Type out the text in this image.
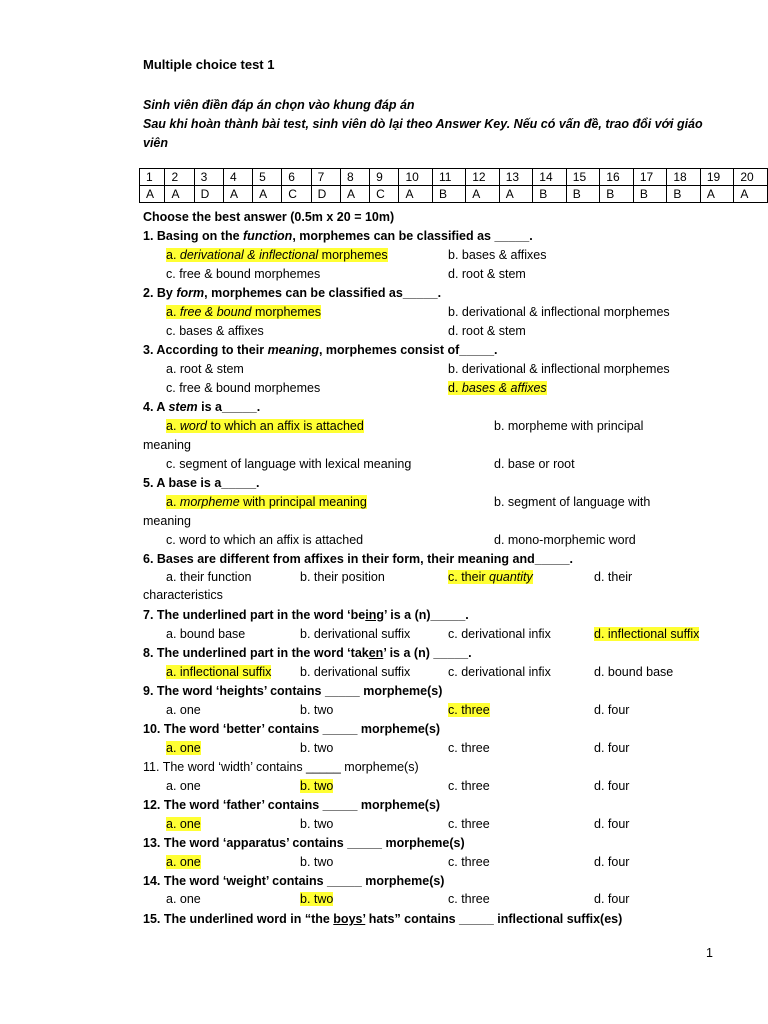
Multiple choice test 1
Sinh viên điền đáp án chọn vào khung đáp án
Sau khi hoàn thành bài test, sinh viên dò lại theo Answer Key. Nếu có vấn đề, trao đổi với giáo viên
1	2	3	4	5	6	7	8	9	10	11	12	13	14	15	16	17	18	19	20
A	A	D	A	A	C	D	A	C	A	B	A	A	B	B	B	B	B	A	A
Choose the best answer (0.5m x 20 = 10m)
1. Basing on the function, morphemes can be classified as _____.
a. derivational & inflectional morphemes	b. bases & affixes
c. free & bound morphemes	d. root & stem
2. By form, morphemes can be classified as_____.
a. free & bound morphemes	b. derivational & inflectional morphemes
c. bases & affixes	d. root & stem
3. According to their meaning, morphemes consist of_____.
a. root & stem	b. derivational & inflectional morphemes
c. free & bound morphemes	d. bases & affixes
4. A stem is a_____.
a. word to which an affix is attached	b. morpheme with principal
meaning
c. segment of language with lexical meaning	d. base or root
5. A base is a_____.
a. morpheme with principal meaning	b. segment of language with
meaning
c. word to which an affix is attached	d. mono-morphemic word
6. Bases are different from affixes in their form, their meaning and_____.
a. their function	b. their position	c. their quantity	d. their
characteristics
7. The underlined part in the word ‘being’ is a (n)_____.
a. bound base	b. derivational suffix	c. derivational infix	d. inflectional suffix
8. The underlined part in the word ‘taken’ is a (n) _____.
a. inflectional suffix b. derivational suffix	c. derivational infix	d. bound base
9. The word ‘heights’ contains _____ morpheme(s)
a. one	b. two	c. three	d. four
10. The word ‘better’ contains _____ morpheme(s)
a. one	b. two	c. three	d. four
11. The word ‘width’ contains _____ morpheme(s)
a. one	b. two	c. three	d. four
12. The word ‘father’ contains _____ morpheme(s)
a. one	b. two	c. three	d. four
13. The word ‘apparatus’ contains _____ morpheme(s)
a. one	b. two	c. three	d. four
14. The word ‘weight’ contains _____ morpheme(s)
a. one	b. two	c. three	d. four
15. The underlined word in “the boys’ hats” contains _____ inflectional suffix(es)
1
